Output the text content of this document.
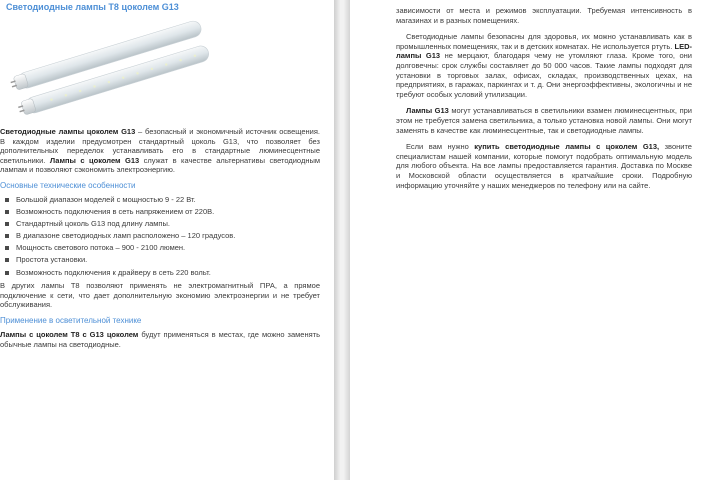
Светодиодные лампы Т8 цоколем G13

Светодиодные лампы цоколем G13 – безопасный и экономичный источник освещения. В каждом изделии предусмотрен стандартный цоколь G13, что позволяет без дополнительных переделок устанавливать его в стандартные люминесцентные светильники. Лампы с цоколем G13 служат в качестве альтернативы светодиодным лампам и позволяют сэкономить электроэнергию.

Основные технические особенности
Большой диапазон моделей с мощностью 9 - 22 Вт.
Возможность подключения в сеть напряжением от 220В.
Стандартный цоколь G13 под длину лампы.
В диапазоне светодиодных ламп расположено – 120 градусов.
Мощность светового потока – 900 - 2100 люмен.
Простота установки.
Возможность подключения к драйверу в сеть 220 вольт.

В других лампы Т8 позволяют применять не электромагнитный ПРА, а прямое подключение к сети, что дает дополнительную экономию электроэнергии и не требует обслуживания.

Применение в осветительной технике

Лампы с цоколем Т8 с G13 цоколем будут применяться в местах, где можно заменять обычные лампы на светодиодные.

зависимости от места и режимов эксплуатации. Требуемая интенсивность в магазинах и в разных помещениях.

Светодиодные лампы безопасны для здоровья, их можно устанавливать как в промышленных помещениях, так и в детских комнатах. Не используется ртуть. LED-лампы G13 не мерцают, благодаря чему не утомляют глаза. Кроме того, они долговечны: срок службы составляет до 50 000 часов. Такие лампы подходят для установки в торговых залах, офисах, складах, производственных цехах, на предприятиях, в гаражах, паркингах и т. д. Они энергоэффективны, экологичны и не требуют особых условий утилизации.

Лампы G13 могут устанавливаться в светильники взамен люминесцентных, при этом не требуется замена светильника, а только установка новой лампы. Они могут заменять в качестве как люминесцентные, так и светодиодные лампы.

Если вам нужно купить светодиодные лампы с цоколем G13, звоните специалистам нашей компании, которые помогут подобрать оптимальную модель для любого объекта. На все лампы предоставляется гарантия. Доставка по Москве и Московской области осуществляется в кратчайшие сроки. Подробную информацию уточняйте у наших менеджеров по телефону или на сайте.
